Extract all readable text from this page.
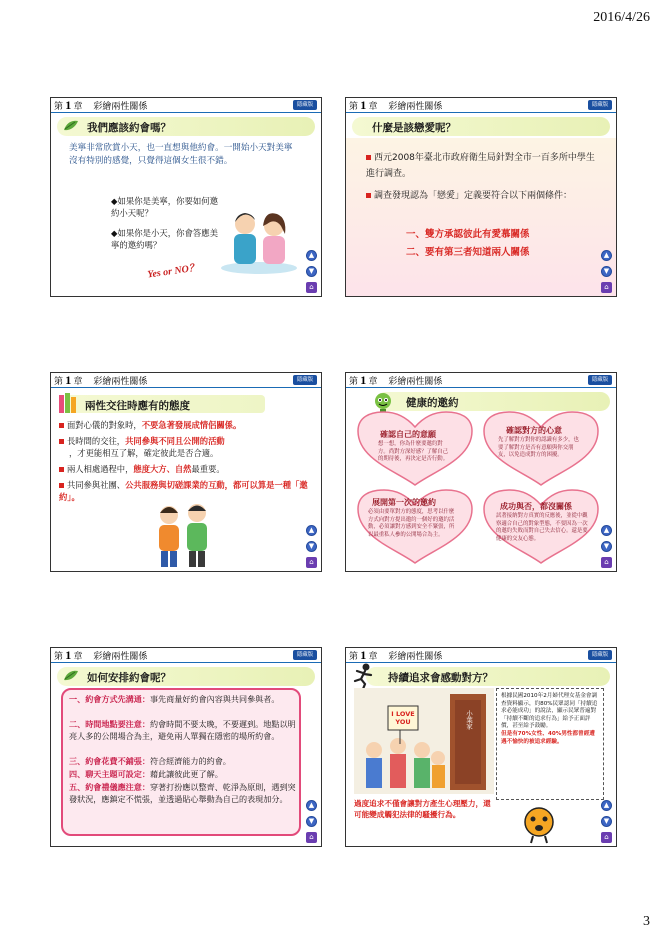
2016/4/26
第 1 章 彩繪兩性關係	隱藏版
我們應該約會嗎？
美寧非常欣賞小天，也一直想與他約會。一開始小天對美寧沒有特別的感覺，只覺得這個女生很不錯。
◆如果你是美寧，你要如何邀約小天呢？
◆如果你是小天，你會答應美寧的邀約嗎？
Yes or NO？
▲
▼
⌂
第 1 章 彩繪兩性關係	隱藏版
什麼是該戀愛呢？
西元2008年臺北市政府衛生局針對全市一百多所中學生進行調查。
調查發現認為「戀愛」定義要符合以下兩個條件：
一、雙方承認彼此有愛慕關係
二、要有第三者知道兩人關係	▲
▼
⌂
第 1 章 彩繪兩性關係	隱藏版
兩性交往時應有的態度
面對心儀的對象時，不要急著發展成情侶關係。
長時間的交往，共同參與不同且公開的活動
，才更能相互了解，確定彼此是否合適。
兩人相處過程中，態度大方、自然最重要。
共同參與社團、公共服務與切磋課業的互動，都可以算是一種「邀約」。
▲
▼
⌂
第 1 章 彩繪兩性關係	隱藏版
健康的邀約
確認自己的意願
想一想，你為什麼要邀約對方。尚對方深好感？了解自己的期待後，再決定是否行動。
確認對方的心意
先了解對方對你的認識有多少，也要了解對方是否有意願與你交朋友，以免造成對方的困擾。
展開第一次的邀約
必須由要單對方的態度，思考以什麼方式向對方提出邀約一個好的邀約活動，必須讓對方感到安全不緊張，所以最重私人參的公開場合為主。
成功與否，都沒關係
試著接納對方真實的反應後，並從中觀察適合自己的對象型態，不要因為一次的邀約失敗而對自己失去信心。還是要健康的交友心態。
▲
▼
⌂
第 1 章 彩繪兩性關係	隱藏版
如何安排約會呢？
一、約會方式先溝通：事先商量好約會內容與共同參與者。
二、時間地點要注意：約會時間不要太晚，不要遲到。地點以明亮人多的公開場合為主，避免兩人單獨在隱密的場所約會。
三、約會花費不鋪張：符合經濟能力的約會。
四、聊天主題可設定：藉此讓彼此更了解。
五、約會禮儀應注意：穿著打扮應以整齊、乾淨為原則，遇到突發狀況，應鎮定不慌張，並透過貼心舉動為自己的表現加分。
▲
▼
⌂
第 1 章 彩繪兩性關係	隱藏版
持續追求會感動對方？
I LOVE YOU	小葉家
根據民國2010年2月婦代理女基金會調查資料顯示，約80%民眾認同「持續追求必能成功」的說法，顯示民眾普遍對「持續不斷的追求行為」給予正面評價，甚至給予鼓勵。
但是有70%女性、40%男性都曾經遭遇不愉快的被追求經驗。
過度追求不僅會讓對方產生心理壓力，還可能變成觸犯法律的騷擾行為。
▲
▼
⌂
3
